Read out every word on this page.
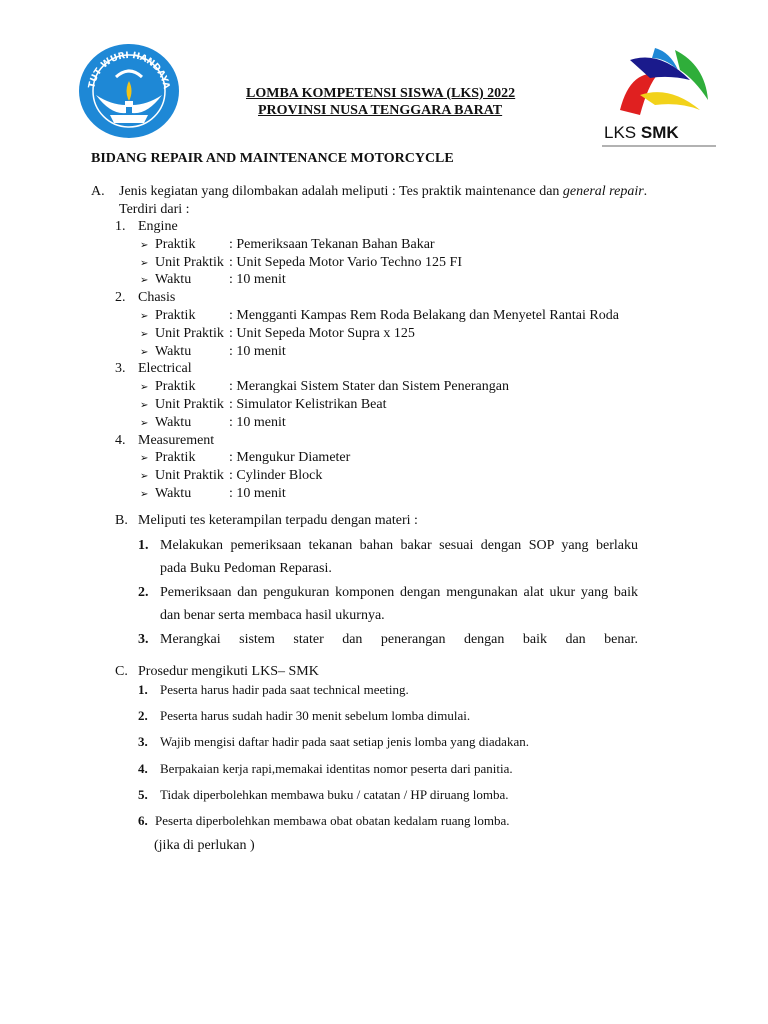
TUT WURI HANDAYA
LOMBA KOMPETENSI SISWA (LKS) 2022
PROVINSI NUSA TENGGARA BARAT
LKS SMK
BIDANG REPAIR AND MAINTENANCE MOTORCYCLE
A. Jenis kegiatan yang dilombakan adalah meliputi : Tes praktik maintenance dan general repair.
Terdiri dari :
1. Engine
➢ Praktik : Pemeriksaan Tekanan Bahan Bakar
➢ Unit Praktik : Unit Sepeda Motor Vario Techno 125 FI
➢ Waktu	: 10 menit
2. Chasis
➢ Praktik : Mengganti Kampas Rem Roda Belakang dan Menyetel Rantai Roda
➢ Unit Praktik : Unit Sepeda Motor Supra x 125
➢ Waktu	: 10 menit
3. Electrical
➢ Praktik : Merangkai Sistem Stater dan Sistem Penerangan
➢ Unit Praktik : Simulator Kelistrikan Beat
➢ Waktu	: 10 menit
4. Measurement
➢ Praktik : Mengukur Diameter
➢ Unit Praktik : Cylinder Block
➢ Waktu	: 10 menit
B. Meliputi tes keterampilan terpadu dengan materi :
1. Melakukan pemeriksaan tekanan bahan bakar sesuai dengan SOP yang berlaku
pada Buku Pedoman Reparasi.
2. Pemeriksaan dan pengukuran komponen dengan mengunakan alat ukur yang baik
dan benar serta membaca hasil ukurnya.
3. Merangkai sistem stater dan penerangan dengan baik dan benar.
C. Prosedur mengikuti LKS– SMK
1. Peserta harus hadir pada saat technical meeting.
2. Peserta harus sudah hadir 30 menit sebelum lomba dimulai.
3. Wajib mengisi daftar hadir pada saat setiap jenis lomba yang diadakan.
4. Berpakaian kerja rapi,memakai identitas nomor peserta dari panitia.
5. Tidak diperbolehkan membawa buku / catatan / HP diruang lomba.
6. Peserta diperbolehkan membawa obat obatan kedalam ruang lomba.
(jika di perlukan )
